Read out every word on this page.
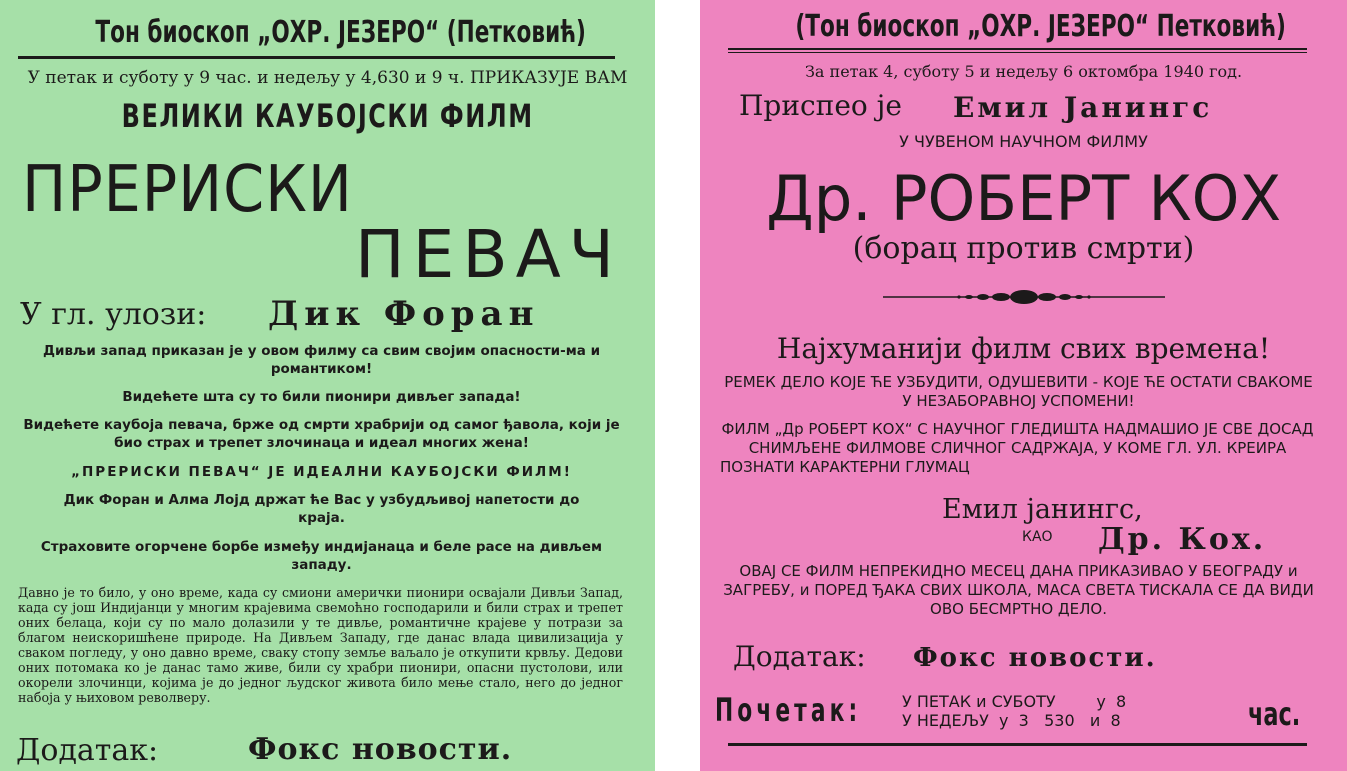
Тон биоскоп „ОХР. ЈЕЗЕРО“ (Петковић)
У петак и суботу у 9 час. и недељу у 4,630 и 9 ч. ПРИКАЗУЈЕ ВАМ
ВЕЛИКИ КАУБОЈСКИ ФИЛМ
ПРЕРИСКИ
ПЕВАЧ
У гл. улози: Дик Форан
Дивљи запад приказан је у овом филму са свим својим опасности-ма и романтиком!
Видећете шта су то били пионири дивљег запада!
Видећете каубоја певача, брже од смрти храбрији од самог ђавола, који је био страх и трепет злочинаца и идеал многих жена!
„ПРЕРИСКИ ПЕВАЧ“ ЈЕ ИДЕАЛНИ КАУБОЈСКИ ФИЛМ!
Дик Форан и Алма Лојд држат ће Вас у узбудљивој напетости до краја.
Страховите огорчене борбе између индијанаца и беле расе на дивљем западу.
Давно је то било, у оно време, када су смиони амерички пионири освајали Дивљи Запад, када су још Индијанци у многим крајевима свемоћно господарили и били страх и трепет оних белаца, који су по мало долазили у те дивље, романтичне крајеве у потрази за благом неискоришћене природе. На Дивљем Западу, где данас влада цивилизација у сваком погледу, у оно давно време, сваку стопу земље ваљало је откупити крвљу. Дедови оних потомака ко је данас тамо живе, били су храбри пионири, опасни пустолови, или окорели злочинци, којима је до једног људског живота било мење стало, него до једног набоја у њиховом револверу.
Додатак:	Фокс новости.
(Тон биоскоп „ОХР. ЈЕЗЕРО“ Петковић)
За петак 4, суботу 5 и недељу 6 октомбра 1940 год.
Приспео је Емил Јанингс
У ЧУВЕНОМ НАУЧНОМ ФИЛМУ
Др. РОБЕРТ КОХ
(борац против смрти)
Најхуманији филм свих времена!
РЕМЕК ДЕЛО КОЈЕ ЋЕ УЗБУДИТИ, ОДУШЕВИТИ - КОЈЕ ЋЕ ОСТАТИ СВАКОМЕ У НЕЗАБОРАВНОЈ УСПОМЕНИ!
ФИЛМ „Др РОБЕРТ КОХ“ С НАУЧНОГ ГЛЕДИШТА НАДМАШИО ЈЕ СВЕ ДОСАД СНИМЉЕНЕ ФИЛМОВЕ СЛИЧНОГ САДРЖАЈА, У КОМЕ ГЛ. УЛ. КРЕИРА ПОЗНАТИ КАРАКТЕРНИ ГЛУМАЦ
Емил јанингс,
КАО Др. Кох.
ОВАЈ СЕ ФИЛМ НЕПРЕКИДНО МЕСЕЦ ДАНА ПРИКАЗИВАО У БЕОГРАДУ и ЗАГРЕБУ, и ПОРЕД ЂАКА СВИХ ШКОЛА, МАСА СВЕТА ТИСКАЛА СЕ ДА ВИДИ ОВО БЕСМРТНО ДЕЛО.
Додатак: Фокс новости.
Почетак:	У ПЕТАК и СУБОТУ        у  8
У НЕДЕЉУ  у  3   530   и  8	час.
